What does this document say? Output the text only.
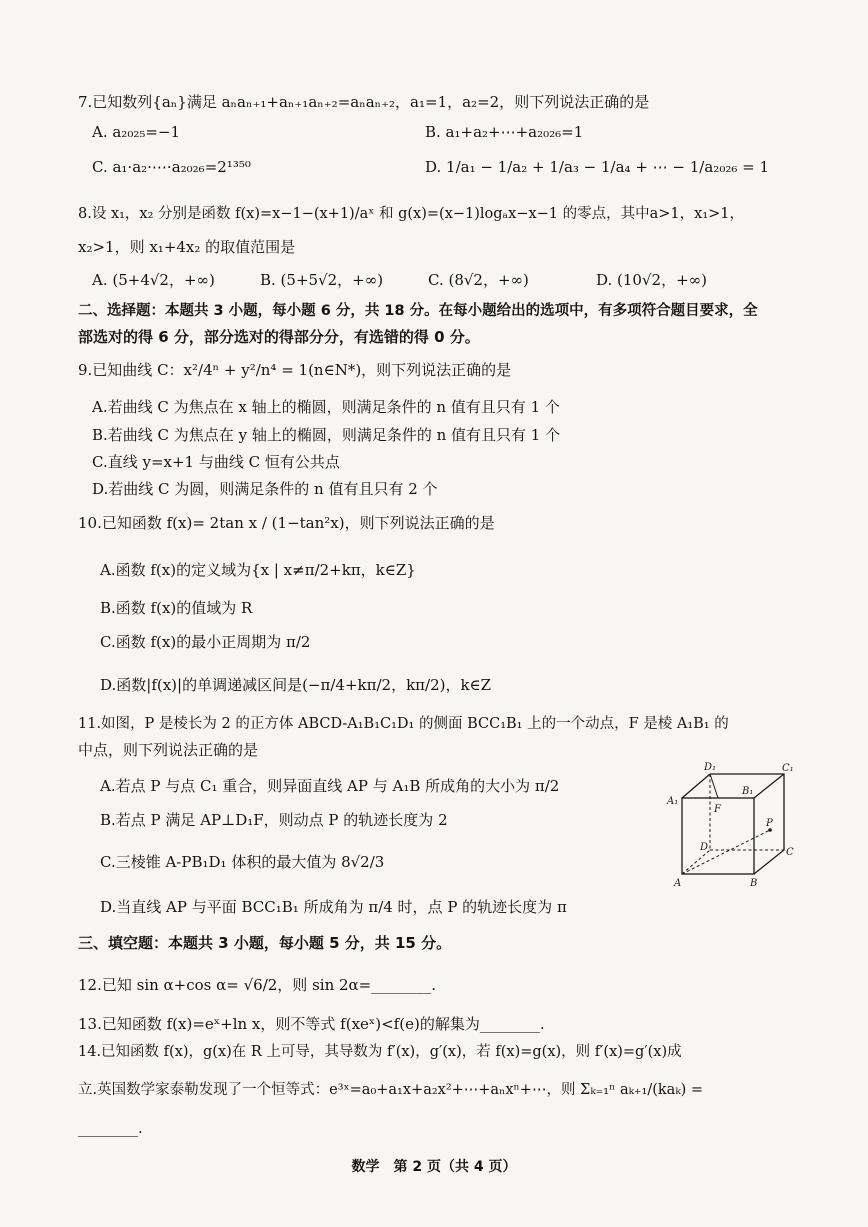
7.已知数列{aₙ}满足 aₙaₙ₊₁+aₙ₊₁aₙ₊₂=aₙaₙ₊₂，a₁=1，a₂=2，则下列说法正确的是
A. a₂₀₂₅=−1	B. a₁+a₂+⋯+a₂₀₂₆=1
C. a₁·a₂·⋯·a₂₀₂₆=2¹³⁵⁰	D. 1/a₁ − 1/a₂ + 1/a₃ − 1/a₄ + ⋯ − 1/a₂₀₂₆ = 1
8.设 x₁，x₂ 分别是函数 f(x)=x−1−(x+1)/aˣ 和 g(x)=(x−1)logₐx−x−1 的零点，其中a>1，x₁>1，
x₂>1，则 x₁+4x₂ 的取值范围是
A. (5+4√2，+∞)	B. (5+5√2，+∞)	C. (8√2，+∞)	D. (10√2，+∞)
二、选择题：本题共 3 小题，每小题 6 分，共 18 分。在每小题给出的选项中，有多项符合题目要求，全
部选对的得 6 分，部分选对的得部分分，有选错的得 0 分。
9.已知曲线 C：x²/4ⁿ + y²/n⁴ = 1(n∈N*)，则下列说法正确的是
A.若曲线 C 为焦点在 x 轴上的椭圆，则满足条件的 n 值有且只有 1 个
B.若曲线 C 为焦点在 y 轴上的椭圆，则满足条件的 n 值有且只有 1 个
C.直线 y=x+1 与曲线 C 恒有公共点
D.若曲线 C 为圆，则满足条件的 n 值有且只有 2 个
10.已知函数 f(x)= 2tan x / (1−tan²x)，则下列说法正确的是
A.函数 f(x)的定义域为{x | x≠π/2+kπ，k∈Z}
B.函数 f(x)的值域为 R
C.函数 f(x)的最小正周期为 π/2
D.函数|f(x)|的单调递减区间是(−π/4+kπ/2，kπ/2)，k∈Z
11.如图，P 是棱长为 2 的正方体 ABCD-A₁B₁C₁D₁ 的侧面 BCC₁B₁ 上的一个动点，F 是棱 A₁B₁ 的
中点，则下列说法正确的是
A.若点 P 与点 C₁ 重合，则异面直线 AP 与 A₁B 所成角的大小为 π/2
B.若点 P 满足 AP⊥D₁F，则动点 P 的轨迹长度为 2
C.三棱锥 A-PB₁D₁ 体积的最大值为 8√2/3
D.当直线 AP 与平面 BCC₁B₁ 所成角为 π/4 时，点 P 的轨迹长度为 π
D₁	C₁
A₁
B₁
F
P
D	C
A	B
三、填空题：本题共 3 小题，每小题 5 分，共 15 分。
12.已知 sin α+cos α= √6/2，则 sin 2α=________.
13.已知函数 f(x)=eˣ+ln x，则不等式 f(xeˣ)<f(e)的解集为________.
14.已知函数 f(x)，g(x)在 R 上可导，其导数为 f′(x)，g′(x)，若 f(x)=g(x)，则 f′(x)=g′(x)成
立.英国数学家泰勒发现了一个恒等式：e³ˣ=a₀+a₁x+a₂x²+⋯+aₙxⁿ+⋯，则 Σₖ₌₁ⁿ aₖ₊₁/(kaₖ) =
________.
数学　第 2 页（共 4 页）
